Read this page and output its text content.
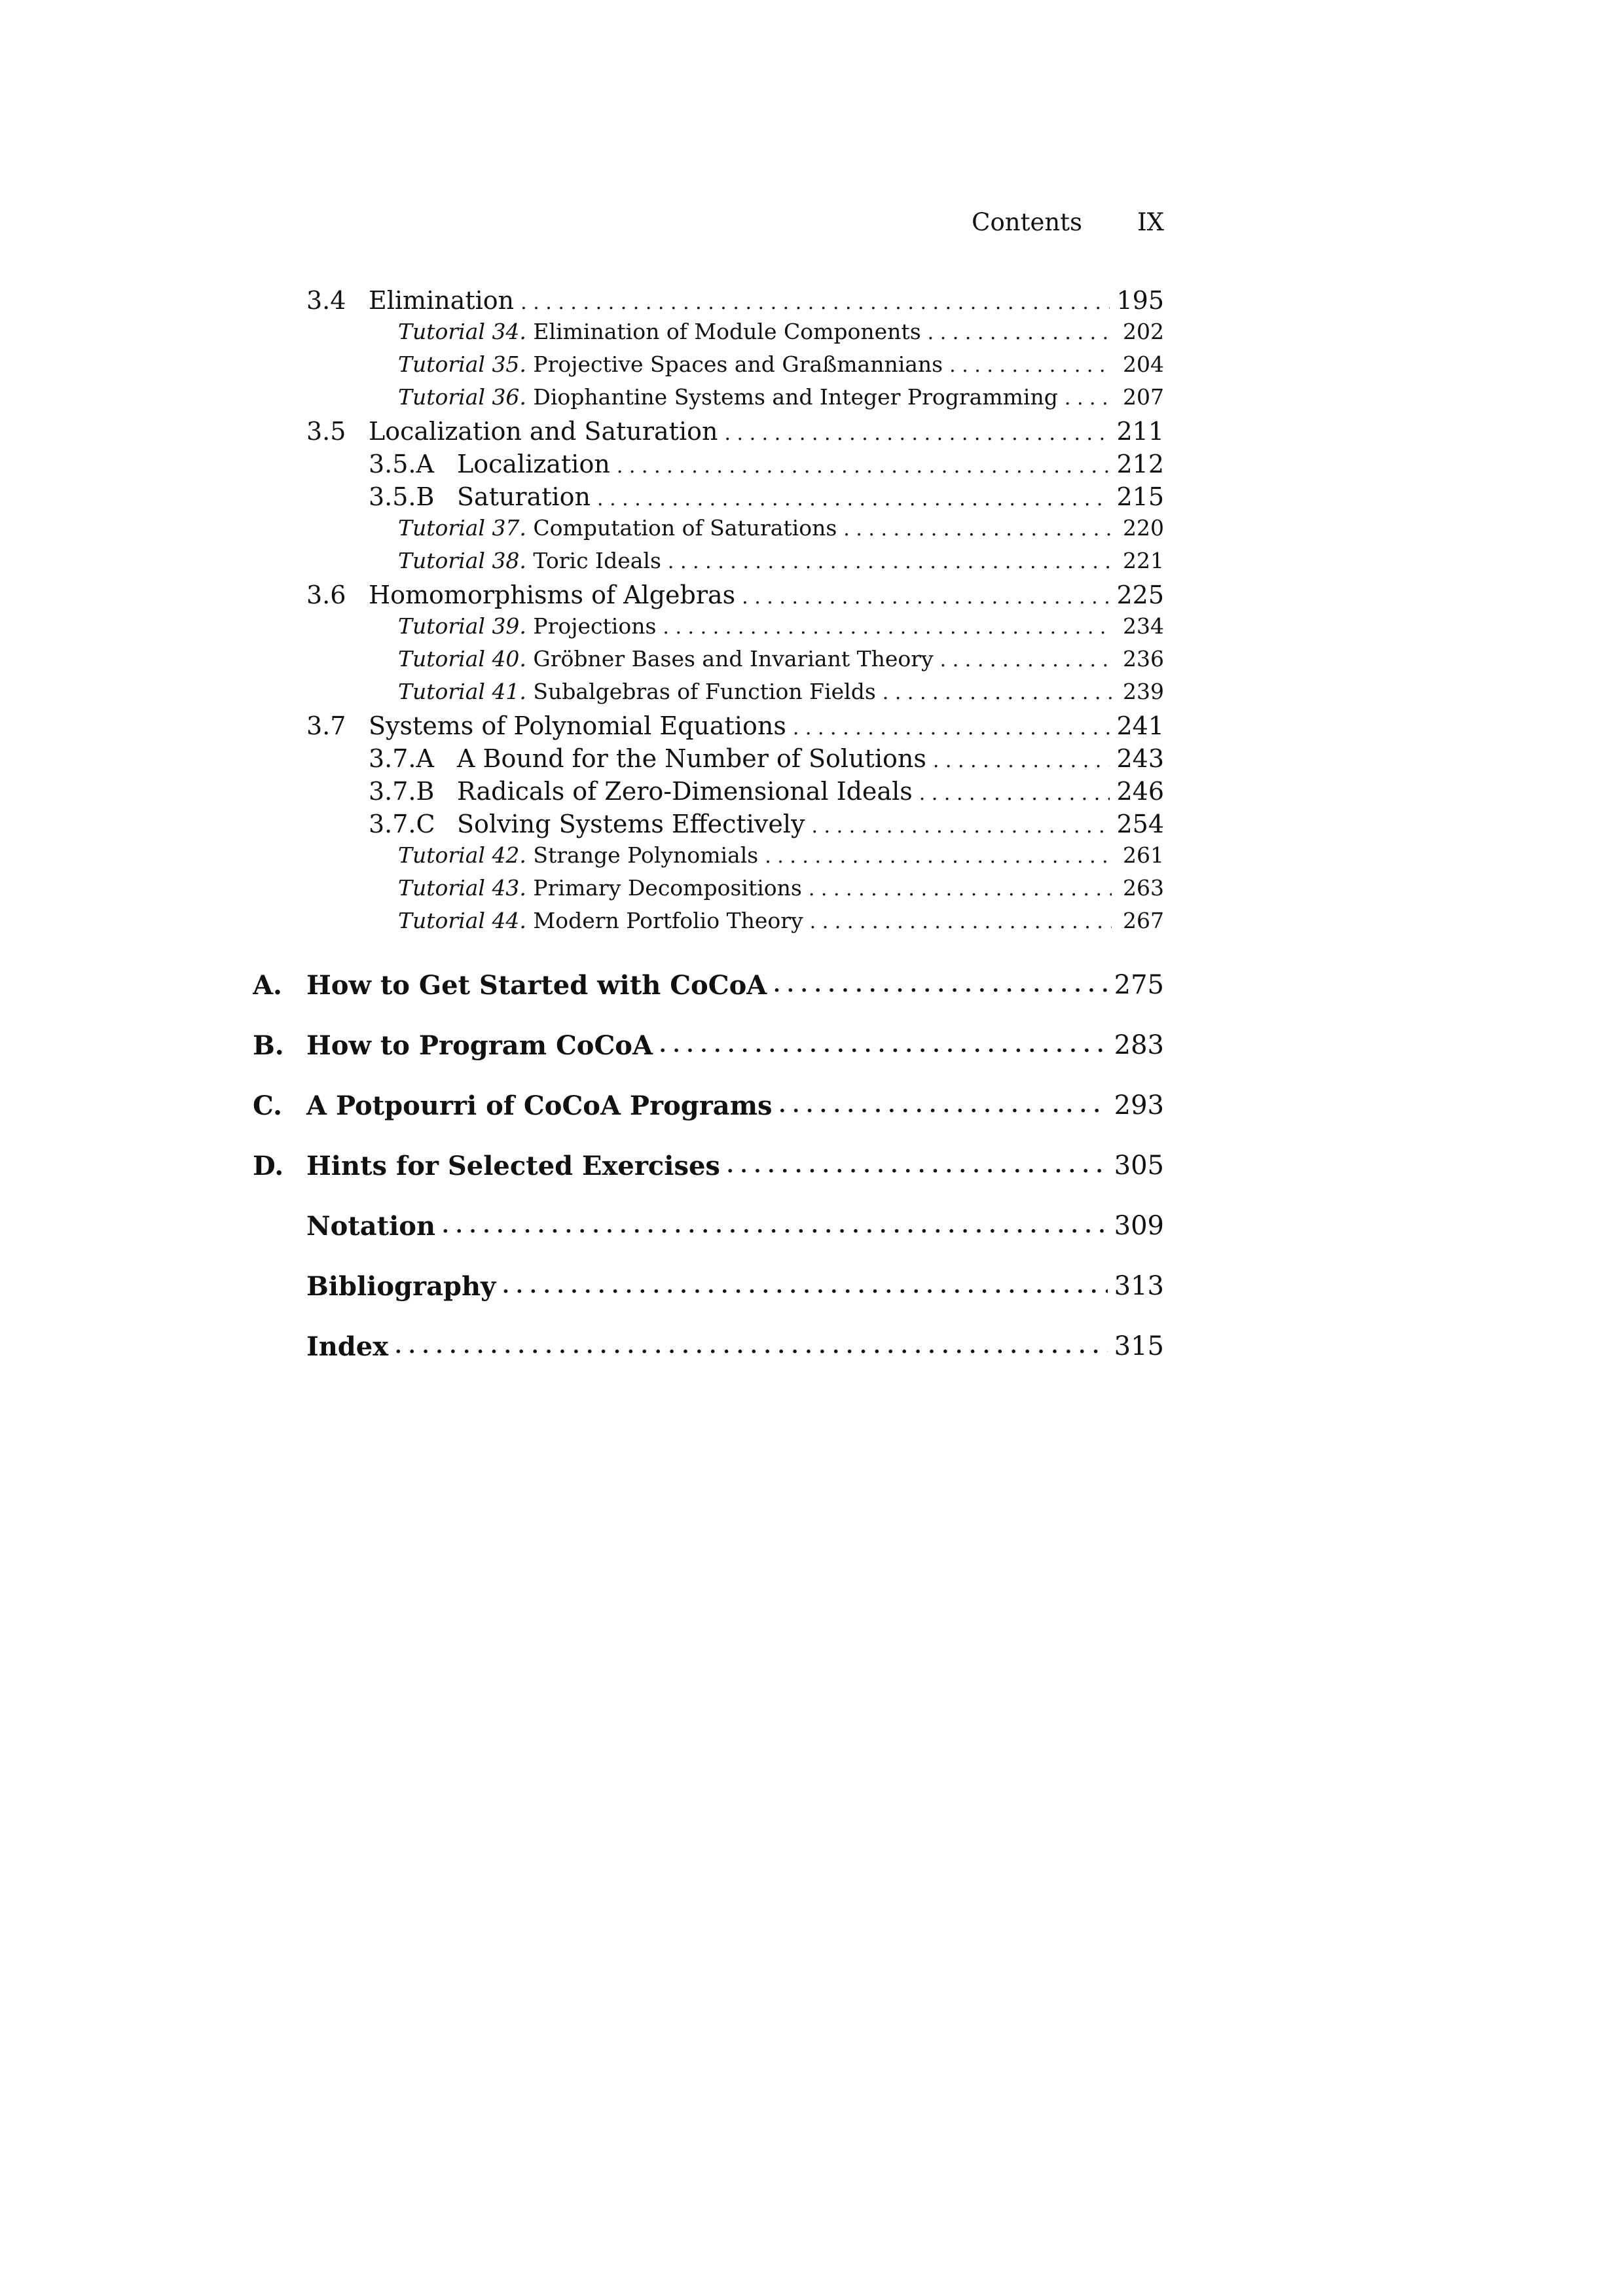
Contents IX
3.4 Elimination . . .	195
Tutorial 34. Elimination of Module Components . . .	202
Tutorial 35. Projective Spaces and Graßmannians . . .	204
Tutorial 36. Diophantine Systems and Integer Programming . . .	207
3.5 Localization and Saturation . . .	211
3.5.A Localization . . .	212
3.5.B Saturation . . .	215
Tutorial 37. Computation of Saturations . . .	220
Tutorial 38. Toric Ideals . . .	221
3.6 Homomorphisms of Algebras . . .	225
Tutorial 39. Projections . . .	234
Tutorial 40. Gröbner Bases and Invariant Theory . . .	236
Tutorial 41. Subalgebras of Function Fields . . .	239
3.7 Systems of Polynomial Equations . . .	241
3.7.A A Bound for the Number of Solutions . . .	243
3.7.B Radicals of Zero-Dimensional Ideals . . .	246
3.7.C Solving Systems Effectively . . .	254
Tutorial 42. Strange Polynomials . . .	261
Tutorial 43. Primary Decompositions . . .	263
Tutorial 44. Modern Portfolio Theory . . .	267
A. How to Get Started with CoCoA . . .	275
B. How to Program CoCoA . . .	283
C. A Potpourri of CoCoA Programs . . .	293
D. Hints for Selected Exercises . . .	305
Notation . . .	309
Bibliography . . .	313
Index . . .	315
